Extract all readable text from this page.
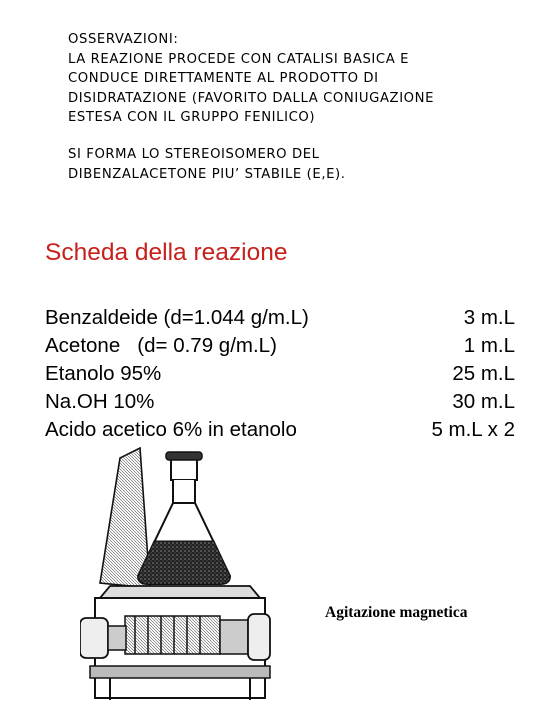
OSSERVAZIONI:
LA REAZIONE PROCEDE CON CATALISI BASICA E
CONDUCE DIRETTAMENTE AL PRODOTTO DI
DISIDRATAZIONE (FAVORITO DALLA CONIUGAZIONE
ESTESA CON IL GRUPPO FENILICO)
SI FORMA LO STEREOISOMERO DEL
DIBENZALACETONE PIU’ STABILE (E,E).
Scheda della reazione
Benzaldeide (d=1.044 g/m.L)	3 m.L
Acetone   (d= 0.79 g/m.L)	1 m.L
Etanolo 95%	25 m.L
Na.OH 10%	30 m.L
Acido acetico 6% in etanolo	5 m.L x 2
Agitazione magnetica
